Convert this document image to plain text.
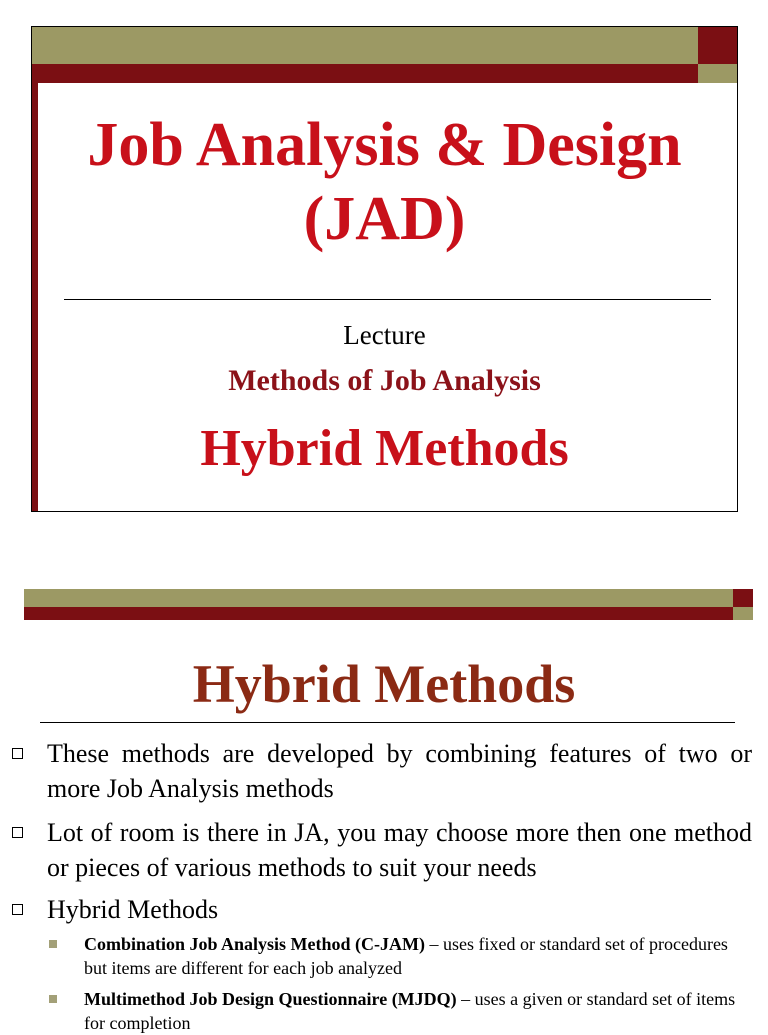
Job Analysis & Design
(JAD)
Lecture
Methods of Job Analysis
Hybrid Methods
Hybrid Methods
These methods are developed by combining features of two or more Job Analysis methods
Lot of room is there in JA, you may choose more then one method or pieces of various methods to suit your needs
Hybrid Methods
Combination Job Analysis Method (C-JAM) – uses fixed or standard set of procedures but items are different for each job analyzed
Multimethod Job Design Questionnaire (MJDQ) – uses a given or standard set of items for completion
